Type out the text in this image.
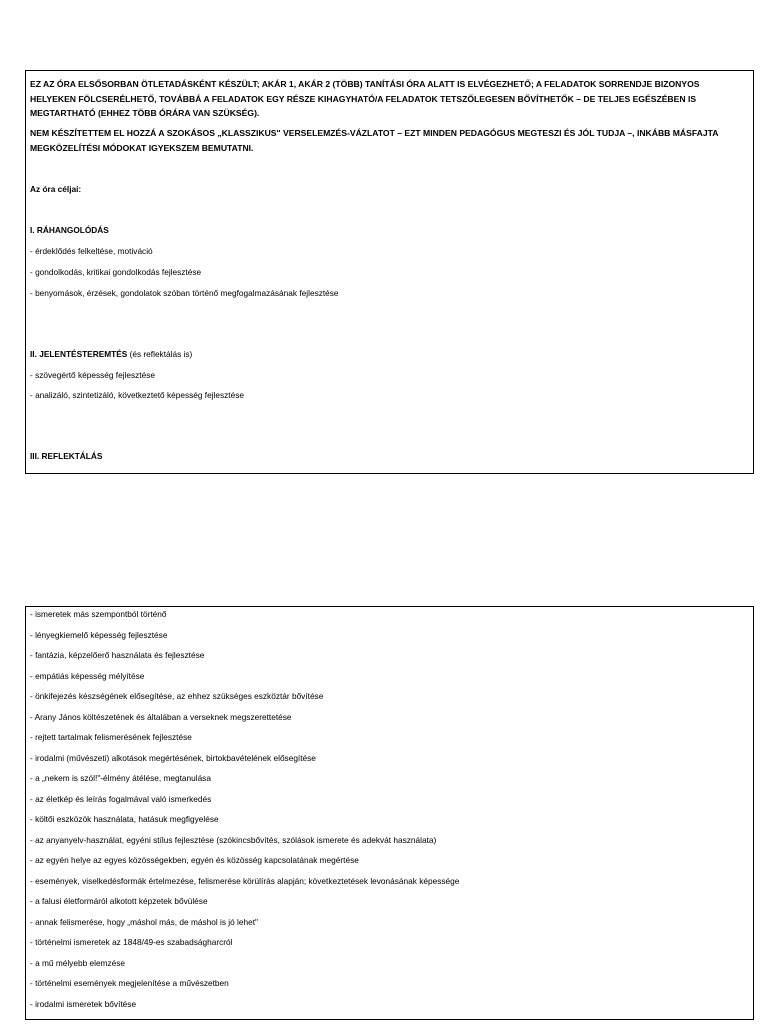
EZ AZ ÓRA ELSŐSORBAN ÖTLETADÁSKÉNT KÉSZÜLT; AKÁR 1, AKÁR 2 (TÖBB) TANÍTÁSI ÓRA ALATT IS ELVÉGEZHETŐ; A FELADATOK SORRENDJE BIZONYOS HELYEKEN FÖLCSERÉLHETŐ, TOVÁBBÁ A FELADATOK EGY RÉSZE KIHAGYHATÓ/A FELADATOK TETSZŐLEGESEN BŐVÍTHETŐK – DE TELJES EGÉSZÉBEN IS MEGTARTHATÓ (EHHEZ TÖBB ÓRÁRA VAN SZÜKSÉG).
NEM KÉSZÍTETTEM EL HOZZÁ A SZOKÁSOS „KLASSZIKUS" VERSELEMZÉS-VÁZLATOT – EZT MINDEN PEDAGÓGUS MEGTESZI ÉS JÓL TUDJA –, INKÁBB MÁSFAJTA MEGKÖZELÍTÉSI MÓDOKAT IGYEKSZEM BEMUTATNI.
Az óra céljai:
I. RÁHANGOLÓDÁS
- érdeklődés felkeltése, motiváció
- gondolkodás, kritikai gondolkodás fejlesztése
- benyomások, érzések, gondolatok szóban történő megfogalmazásának fejlesztése
II. JELENTÉSTEREMTÉS (és reflektálás is)
- szövegértő képesség fejlesztése
- analizáló, szintetizáló, következtető képesség fejlesztése
III. REFLEKTÁLÁS
- ismeretek más szempontból történő
- lényegkiemelő képesség fejlesztése
- fantázia, képzelőerő használata és fejlesztése
- empátiás képesség mélyítése
- önkifejezés készségének elősegítése, az ehhez szükséges eszköztár bővítése
- Arany János költészetének és általában a verseknek megszerettetése
- rejtett tartalmak felismerésének fejlesztése
- irodalmi (művészeti) alkotások megértésének, birtokbavételének elősegítése
- a „nekem is szól!"-élmény átélése, megtanulása
- az életkép és leírás fogalmával való ismerkedés
- költői eszközök használata, hatásuk megfigyelése
- az anyanyelv-használat, egyéni stílus fejlesztése (szókincsbővítés, szólások ismerete és adekvát használata)
- az egyén helye az egyes közösségekben, egyén és közösség kapcsolatának megértése
- események, viselkedésformák értelmezése, felismerése körülírás alapján; következtetések levonásának képessége
- a falusi életformáról alkotott képzetek bővülése
- annak felismerése, hogy „máshol más, de máshol is jó lehet"
- történelmi ismeretek az 1848/49-es szabadságharcról
- a mű mélyebb elemzése
- történelmi események megjelenítése a művészetben
- irodalmi ismeretek bővítése
